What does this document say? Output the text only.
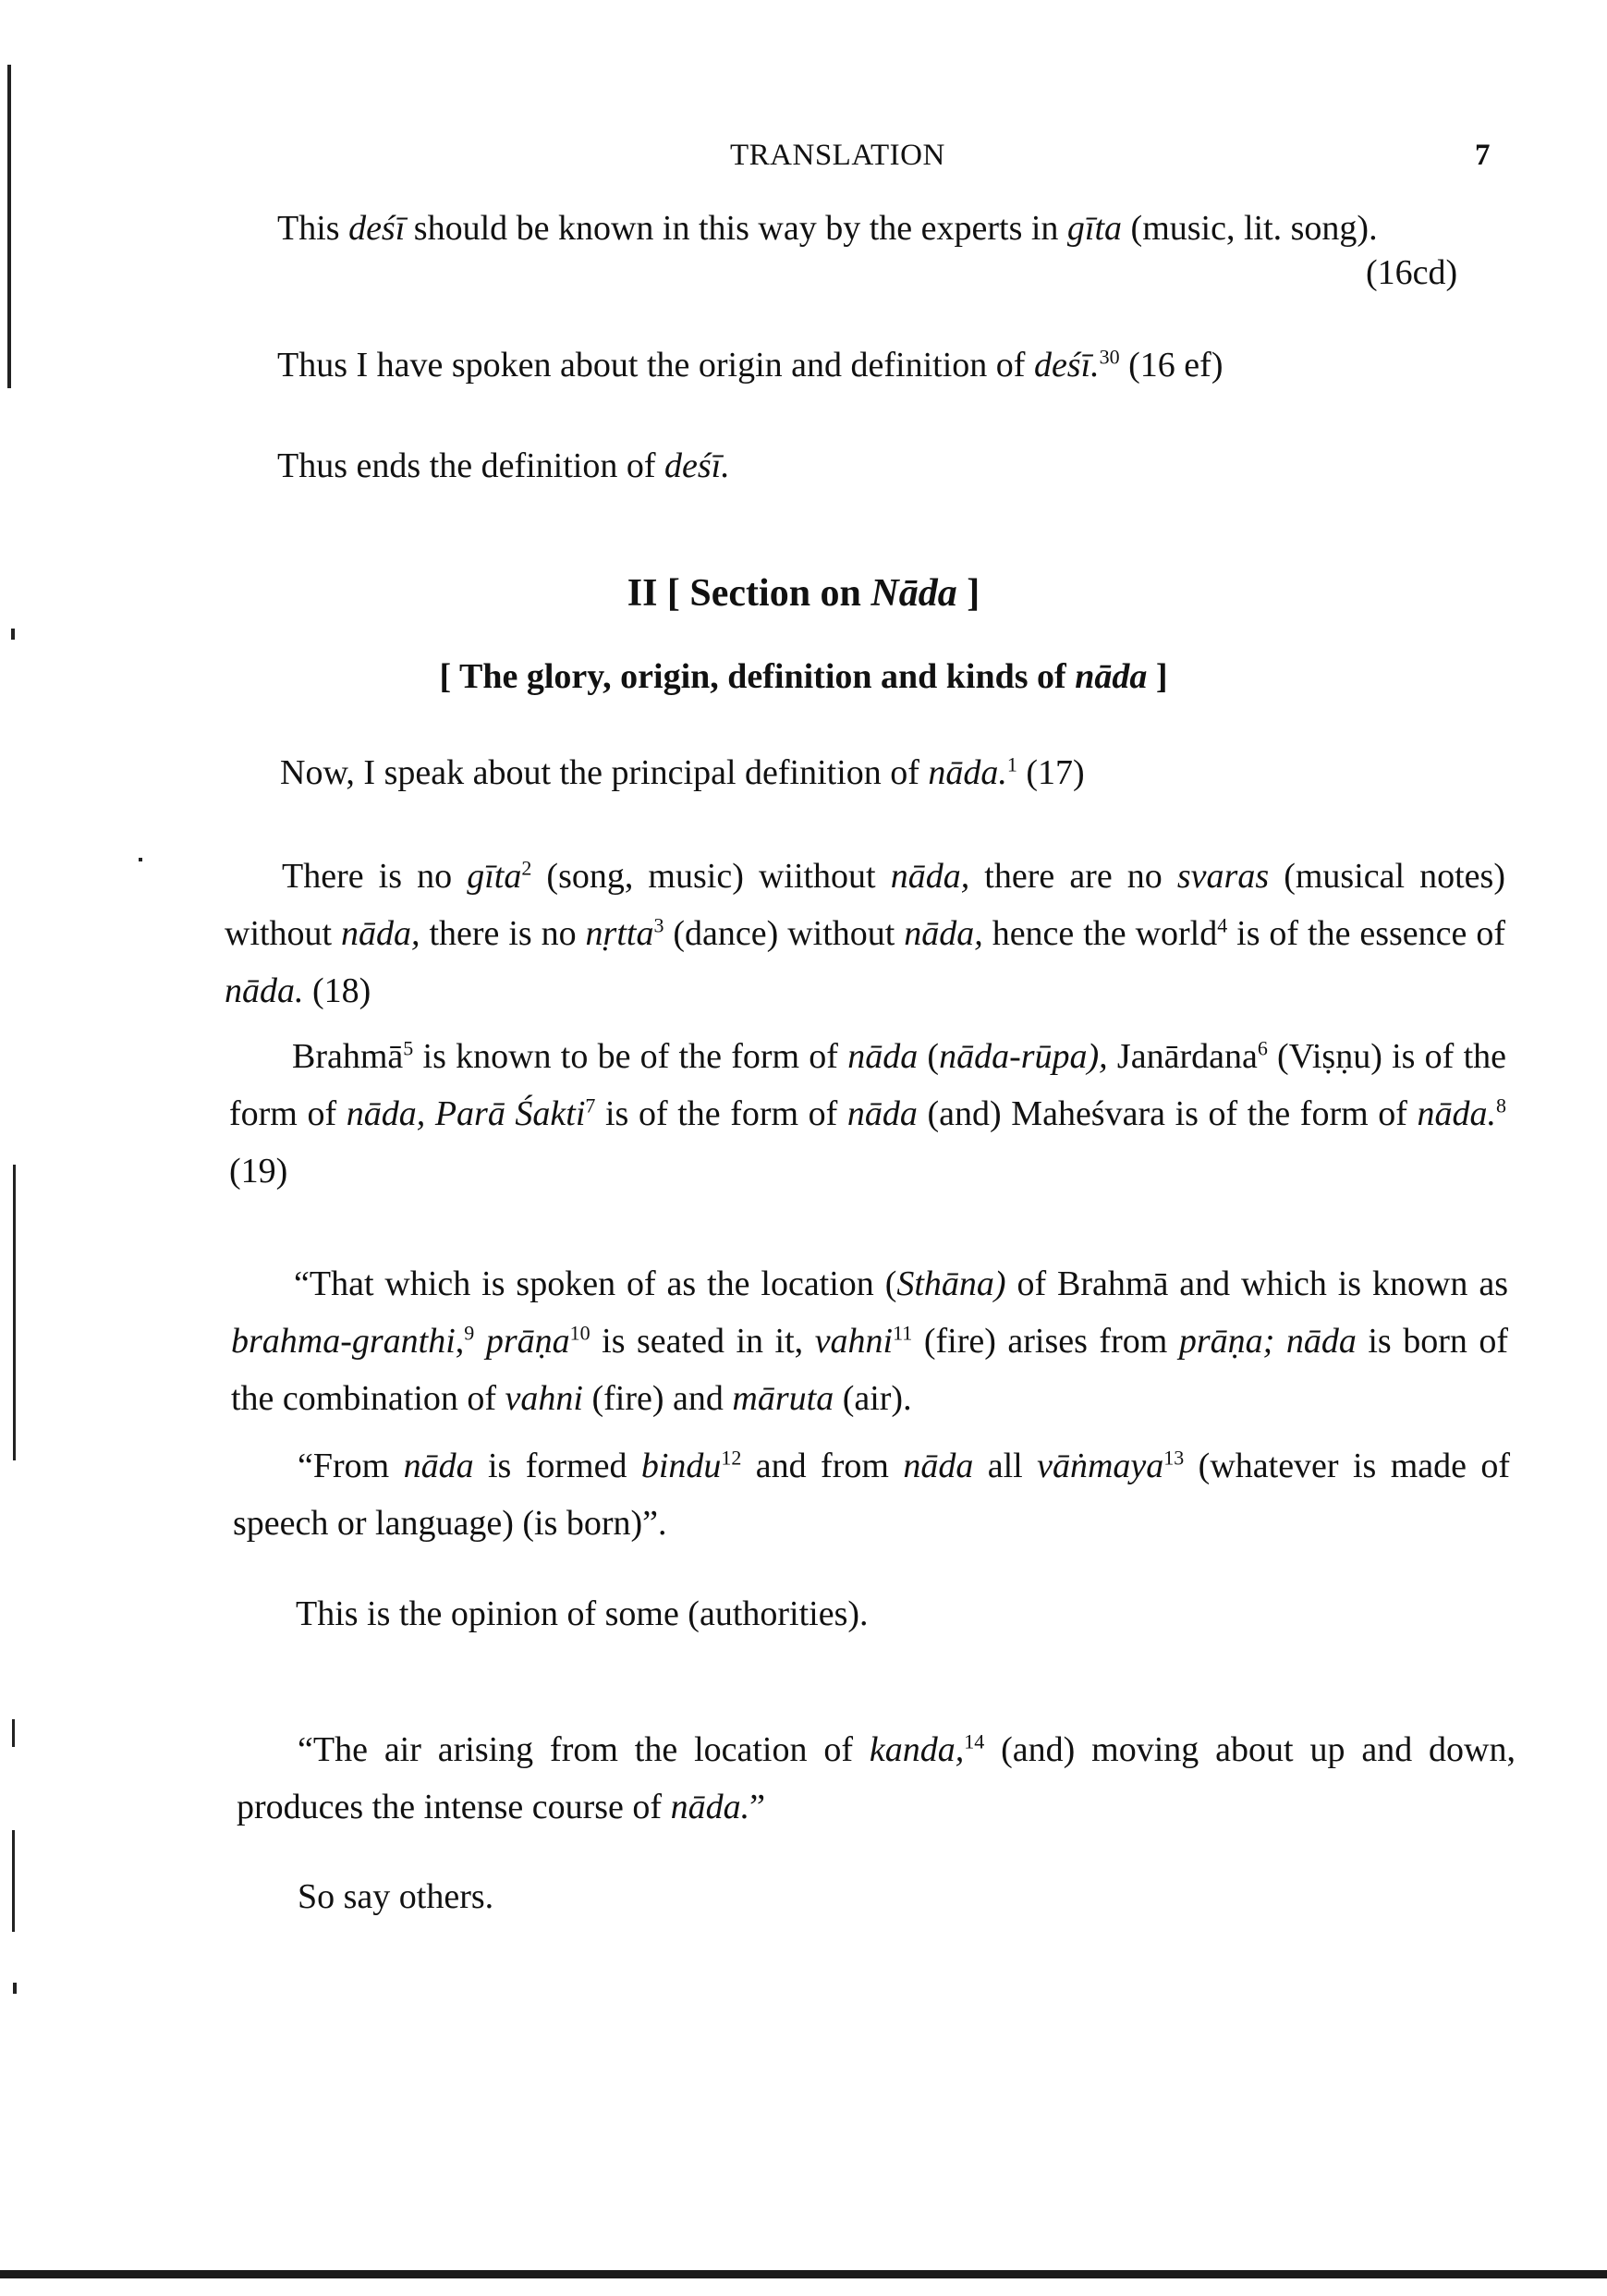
TRANSLATION	7
This deśī should be known in this way by the experts in gīta (music, lit. song).
(16cd)
Thus I have spoken about the origin and definition of deśī.$^{30}$ (16 ef)
Thus ends the definition of deśī.
II [ Section on Nāda ]
[ The glory, origin, definition and kinds of nāda ]
Now, I speak about the principal definition of nāda.$^1$ (17)
There is no gīta$^2$ (song, music) wiithout nāda, there are no svaras (musical notes) without nāda, there is no nṛtta$^3$ (dance) without nāda, hence the world$^4$ is of the essence of nāda. (18)
Brahmā$^5$ is known to be of the form of nāda (nāda-rūpa), Janārdana$^6$ (Viṣṇu) is of the form of nāda, Parā Śakti$^7$ is of the form of nāda (and) Maheśvara is of the form of nāda.$^8$ (19)
“That which is spoken of as the location (Sthāna) of Brahmā and which is known as brahma-granthi,$^9$ prāṇa$^{10}$ is seated in it, vahni$^{11}$ (fire) arises from prāṇa; nāda is born of the combination of vahni (fire) and māruta (air).
“From nāda is formed bindu$^{12}$ and from nāda all vāṅmaya$^{13}$ (whatever is made of speech or language) (is born)”.
This is the opinion of some (authorities).
“The air arising from the location of kanda,$^{14}$ (and) moving about up and down, produces the intense course of nāda.”
So say others.
